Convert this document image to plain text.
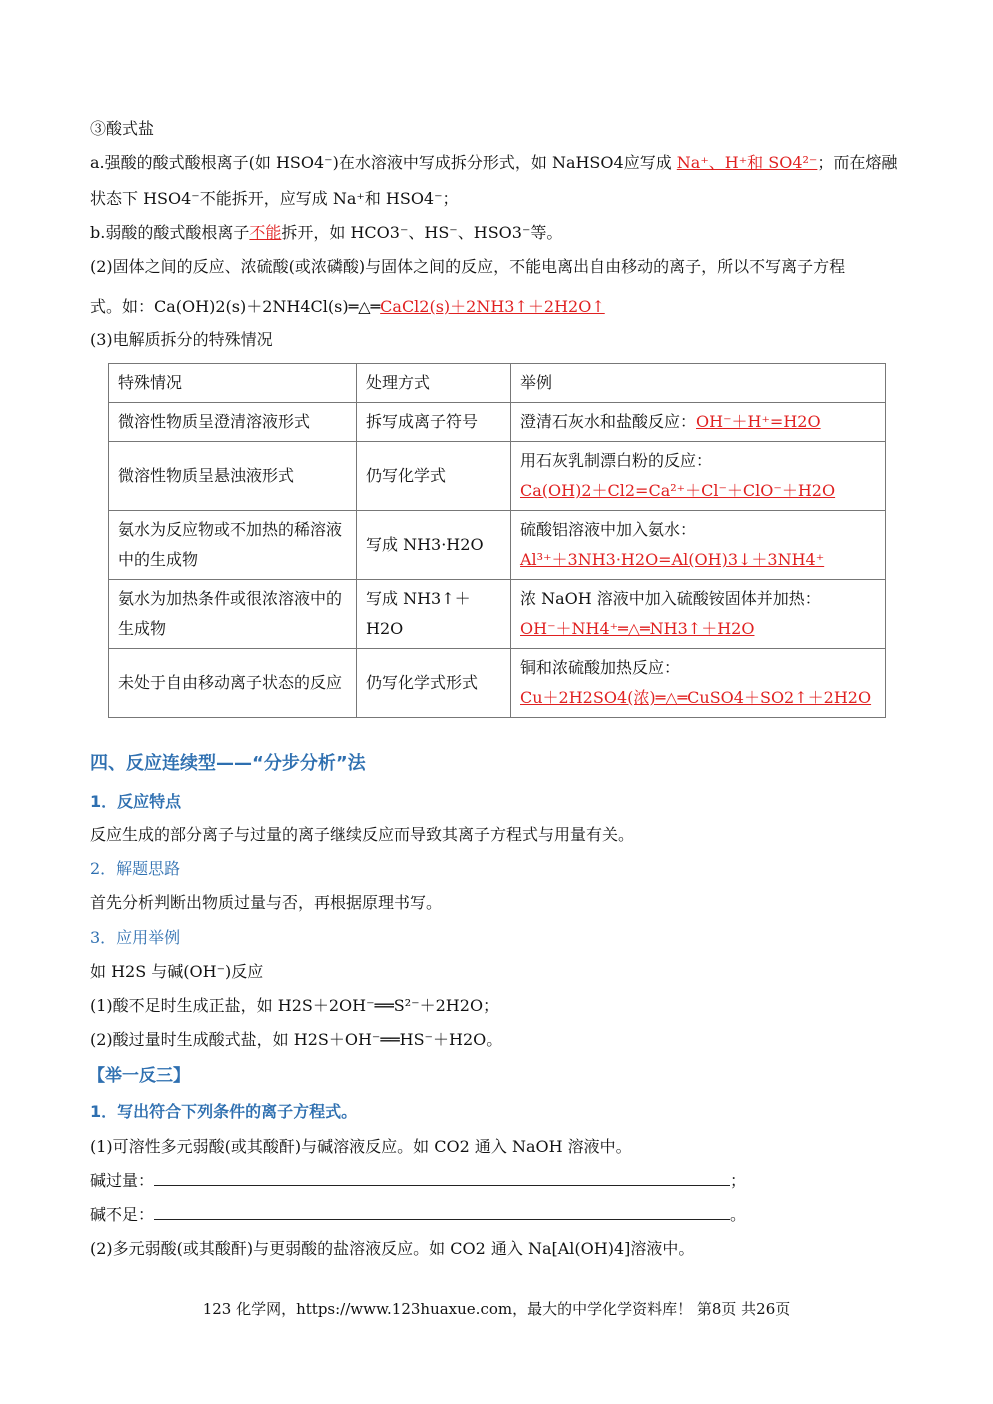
③酸式盐
a.强酸的酸式酸根离子(如 HSO4⁻)在水溶液中写成拆分形式，如 NaHSO4应写成 Na⁺、H⁺和 SO4²⁻；而在熔融
状态下 HSO4⁻不能拆开，应写成 Na⁺和 HSO4⁻；
b.弱酸的酸式酸根离子不能拆开，如 HCO3⁻、HS⁻、HSO3⁻等。
(2)固体之间的反应、浓硫酸(或浓磷酸)与固体之间的反应，不能电离出自由移动的离子，所以不写离子方程
式。如：Ca(OH)2(s)＋2NH4Cl(s)═△═CaCl2(s)＋2NH3↑＋2H2O↑
(3)电解质拆分的特殊情况
特殊情况	处理方式	举例
微溶性物质呈澄清溶液形式	拆写成离子符号	澄清石灰水和盐酸反应：OH⁻＋H⁺=H2O
微溶性物质呈悬浊液形式	仍写化学式	用石灰乳制漂白粉的反应：
Ca(OH)2＋Cl2=Ca²⁺＋Cl⁻＋ClO⁻＋H2O

氨水为反应物或不加热的稀溶液中的生成物	写成 NH3·H2O	硫酸铝溶液中加入氨水：
Al³⁺＋3NH3·H2O=Al(OH)3↓＋3NH4⁺

氨水为加热条件或很浓溶液中的生成物	写成 NH3↑＋H2O	浓 NaOH 溶液中加入硫酸铵固体并加热：
OH⁻＋NH4⁺═△═NH3↑＋H2O

未处于自由移动离子状态的反应	仍写化学式形式	铜和浓硫酸加热反应：
Cu＋2H2SO4(浓)═△═CuSO4＋SO2↑＋2H2O
四、反应连续型——“分步分析”法
1．反应特点
反应生成的部分离子与过量的离子继续反应而导致其离子方程式与用量有关。
2．解题思路
首先分析判断出物质过量与否，再根据原理书写。
3．应用举例
如 H2S 与碱(OH⁻)反应
(1)酸不足时生成正盐，如 H2S＋2OH⁻══S²⁻＋2H2O；
(2)酸过量时生成酸式盐，如 H2S＋OH⁻══HS⁻＋H2O。
【举一反三】
1．写出符合下列条件的离子方程式。
(1)可溶性多元弱酸(或其酸酐)与碱溶液反应。如 CO2 通入 NaOH 溶液中。
碱过量：	；
碱不足：	。
(2)多元弱酸(或其酸酐)与更弱酸的盐溶液反应。如 CO2 通入 Na[Al(OH)4]溶液中。
123 化学网，https://www.123huaxue.com，最大的中学化学资料库！ 第8页 共26页
